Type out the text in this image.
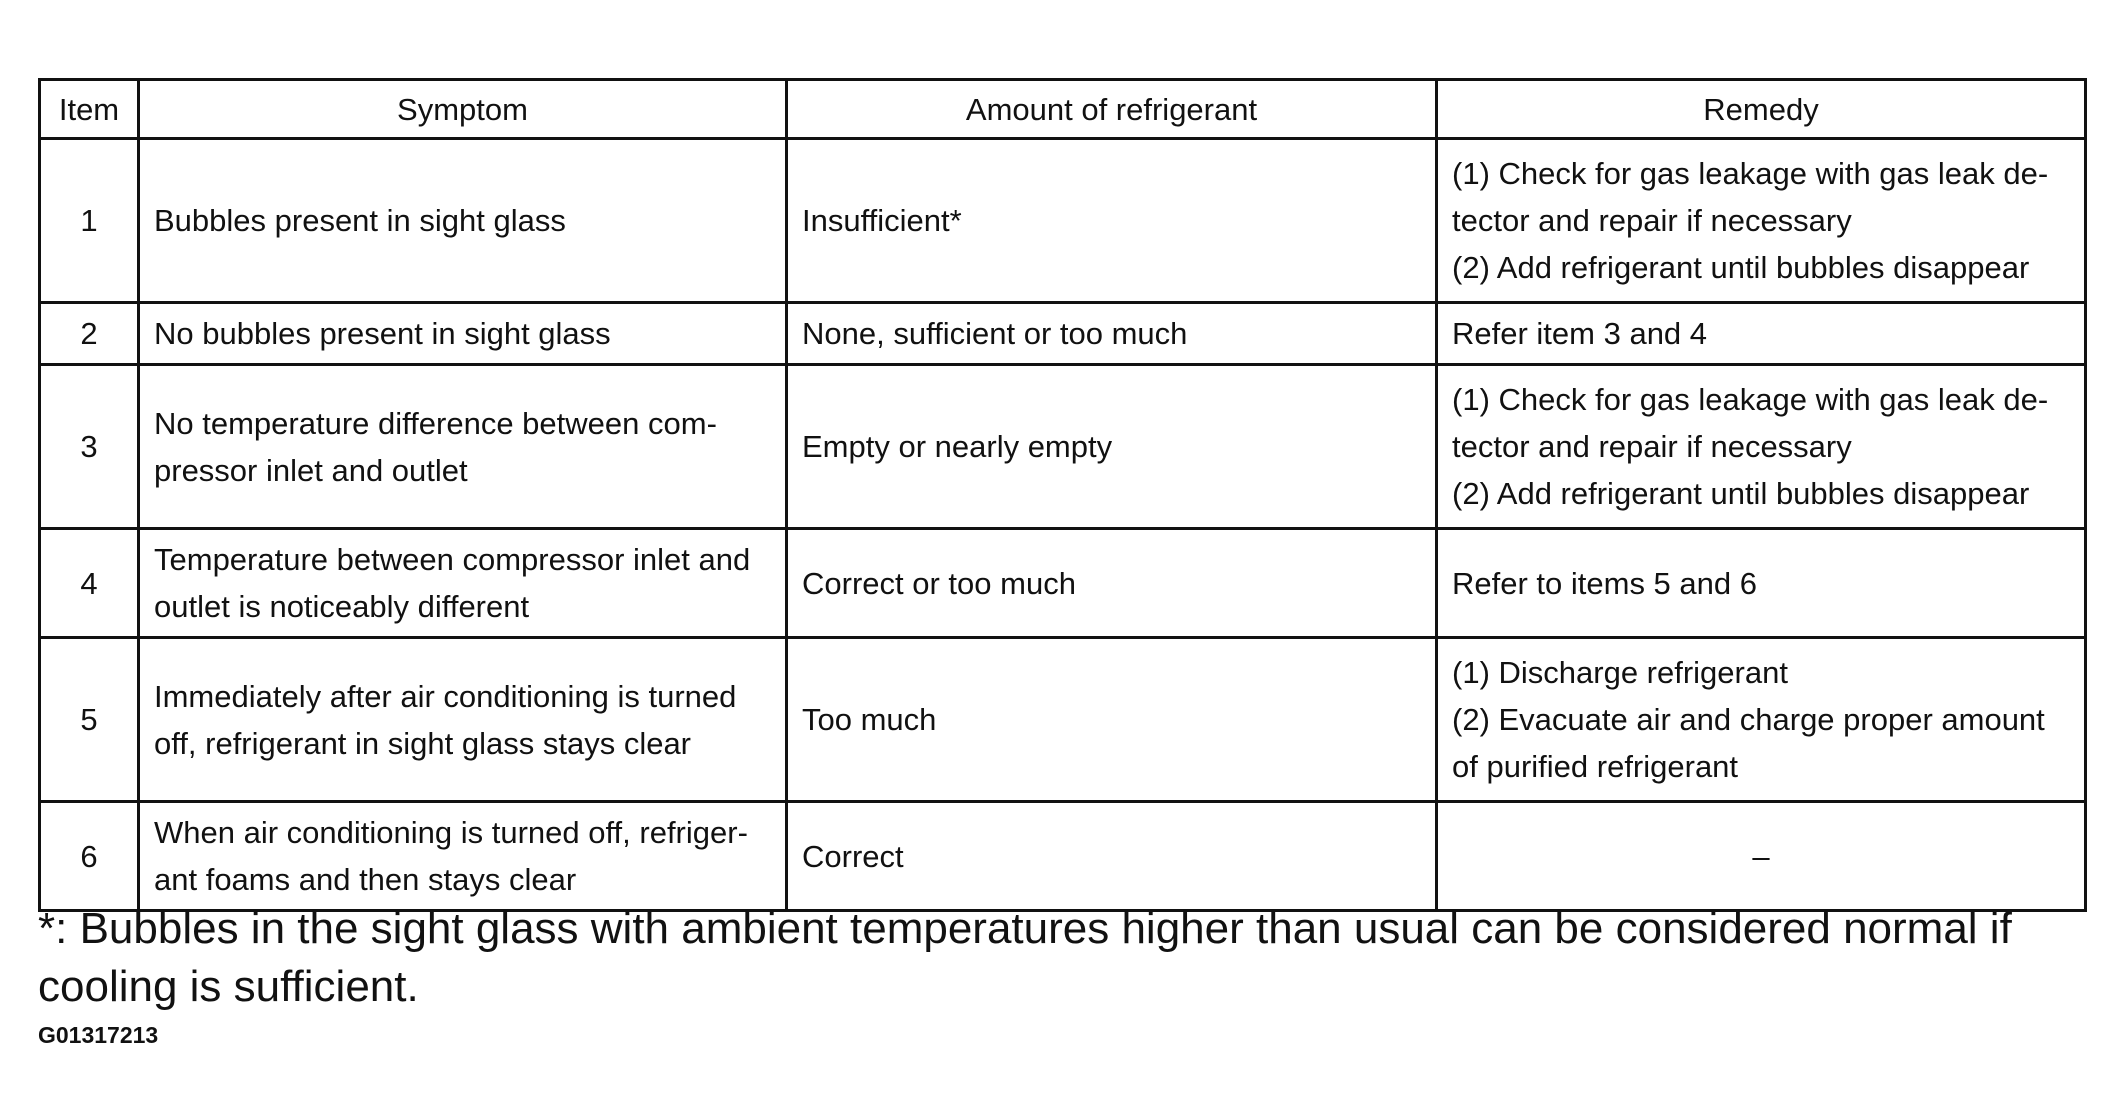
Item	Symptom	Amount of refrigerant	Remedy
1	Bubbles present in sight glass	Insufficient*	(1) Check for gas leakage with gas leak de-
tector and repair if necessary
(2) Add refrigerant until bubbles disappear

2	No bubbles present in sight glass	None, sufficient or too much	Refer item 3 and 4

3	No temperature difference between com-
pressor inlet and outlet	Empty or nearly empty	(1) Check for gas leakage with gas leak de-
tector and repair if necessary
(2) Add refrigerant until bubbles disappear

4	Temperature between compressor inlet and
outlet is noticeably different	Correct or too much	Refer to items 5 and 6

5	Immediately after air conditioning is turned
off, refrigerant in sight glass stays clear	Too much	(1) Discharge refrigerant
(2) Evacuate air and charge proper amount
of purified refrigerant

6	When air conditioning is turned off, refriger-
ant foams and then stays clear	Correct	–

*: Bubbles in the sight glass with ambient temperatures higher than usual can be considered normal if cooling is sufficient.

G01317213
